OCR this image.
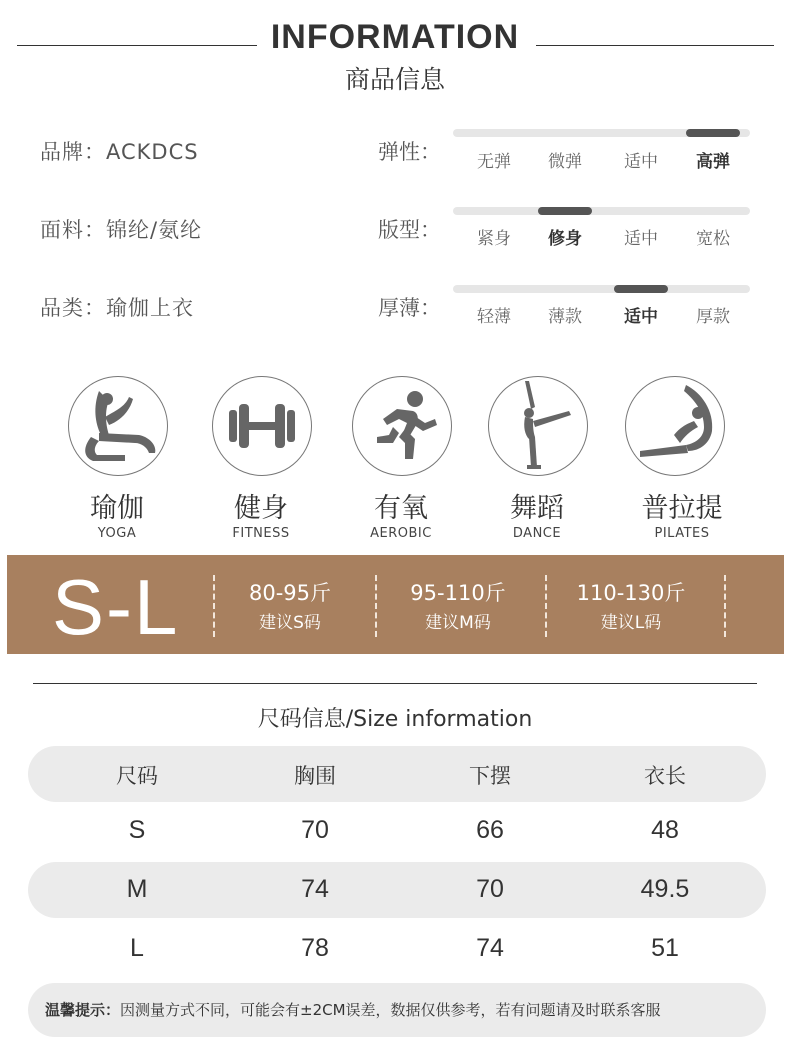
INFORMATION
商品信息
品牌：ACKDCS
面料：锦纶/氨纶
品类：瑜伽上衣
弹性：	无弹	微弹	适中	高弹
版型：	紧身	修身	适中	宽松
厚薄：	轻薄	薄款	适中	厚款
瑜伽
YOGA
健身
FITNESS
有氧
AEROBIC
舞蹈
DANCE
普拉提
PILATES
S-L	80-95斤
建议S码
95-110斤
建议M码
110-130斤
建议L码
尺码信息/Size information
尺码	胸围	下摆	衣长
S	70	66	48
M	74	70	49.5
L	78	74	51
温馨提示：因测量方式不同，可能会有±2CM误差，数据仅供参考，若有问题请及时联系客服
